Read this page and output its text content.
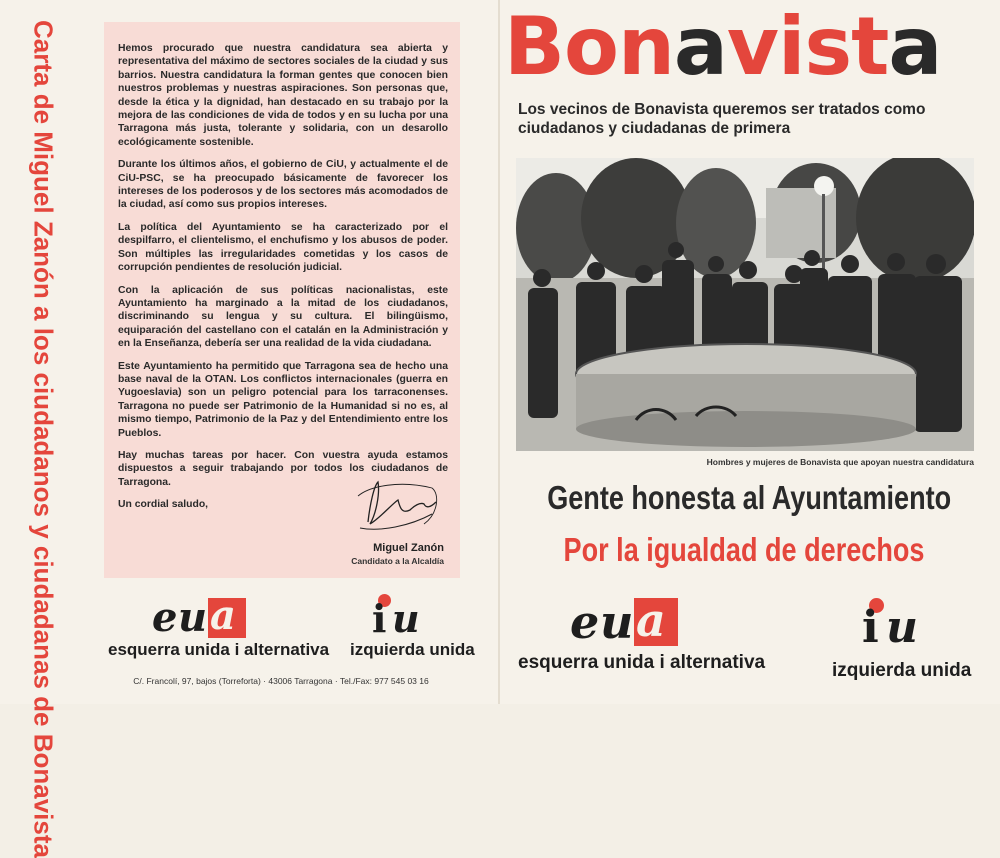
Carta de Miguel Zanón a los ciudadanos y ciudadanas de Bonavista	Hemos procurado que nuestra candidatura sea abierta y representativa del máximo de sectores sociales de la ciudad y sus barrios. Nuestra candidatura la forman gentes que conocen bien nuestros problemas y nuestras aspiraciones. Son personas que, desde la ética y la dignidad, han destacado en su trabajo por la mejora de las condiciones de vida de todos y en su lucha por una Tarragona más justa, tolerante y solidaria, con un desarollo ecológicamente sostenible.

Durante los últimos años, el gobierno de CiU, y actualmente el de CiU-PSC, se ha preocupado básicamente de favorecer los intereses de los poderosos y de los sectores más acomodados de la ciudad, así como sus propios intereses.

La política del Ayuntamiento se ha caracterizado por el despilfarro, el clientelismo, el enchufismo y los abusos de poder. Son múltiples las irregularidades cometidas y los casos de corrupción pendientes de resolución judicial.

Con la aplicación de sus políticas nacionalistas, este Ayuntamiento ha marginado a la mitad de los ciudadanos, discriminando su lengua y su cultura. El bilingüismo, equiparación del castellano con el catalán en la Administración y en la Enseñanza, debería ser una realidad de la vida ciudadana.

Este Ayuntamiento ha permitido que Tarragona sea de hecho una base naval de la OTAN. Los conflictos internacionales (guerra en Yugoeslavia) son un peligro potencial para los tarraconenses. Tarragona no puede ser Patrimonio de la Humanidad si no es, al mismo tiempo, Patrimonio de la Paz y del Entendimiento entre los Pueblos.

Hay muchas tareas por hacer. Con vuestra ayuda estamos dispuestos a seguir trabajando por todos los ciudadanos de Tarragona.

Un cordial saludo,

Miguel Zanón
Candidato a la Alcaldía
e u a
esquerra unida i alternativa
i u
izquierda unida
C/. Francolí, 97, bajos (Torreforta) · 43006 Tarragona · Tel./Fax: 977 545 03 16
Bonavista
Los vecinos de Bonavista queremos ser tratados como
ciudadanos y ciudadanas de primera
Hombres y mujeres de Bonavista que apoyan nuestra candidatura
Gente honesta al Ayuntamiento
Por la igualdad de derechos
e u a
esquerra unida i alternativa
i u
izquierda unida
